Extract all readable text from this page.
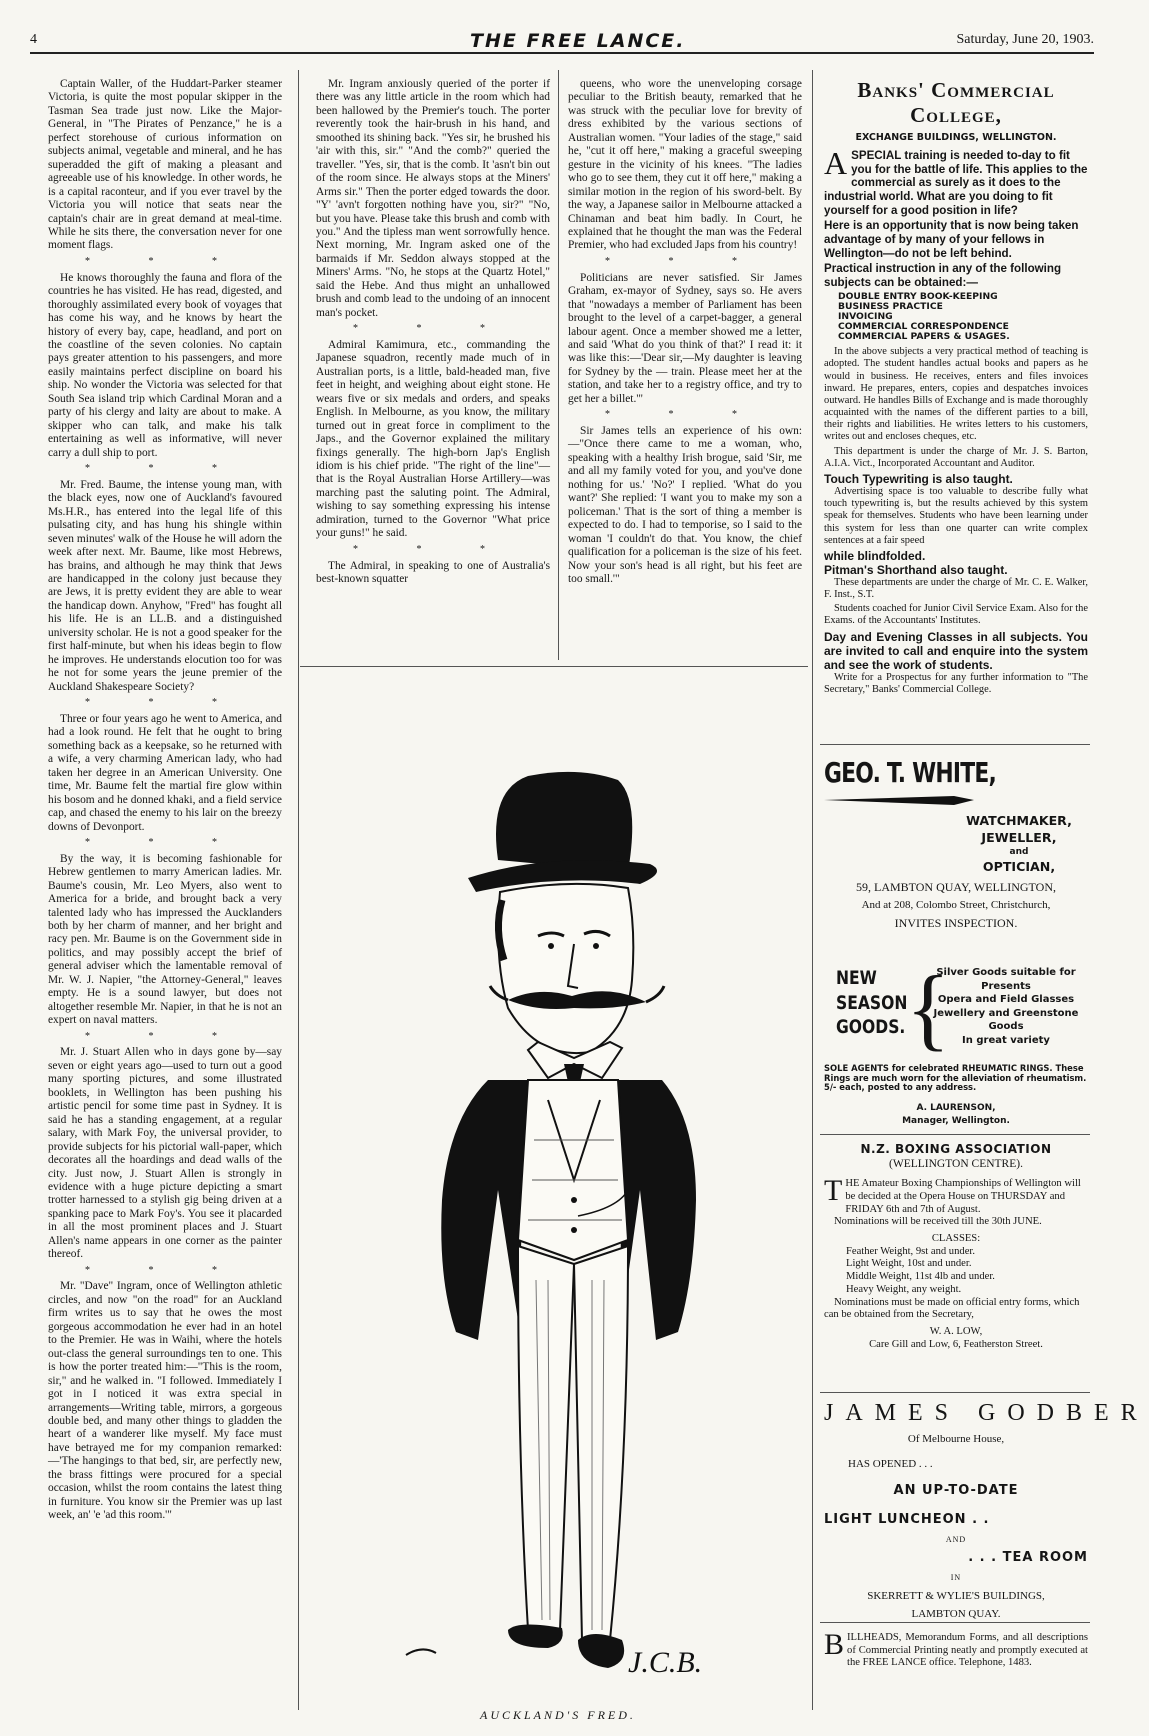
4	THE FREE LANCE.	Saturday, June 20, 1903.

Captain Waller, of the Huddart-Parker steamer Victoria, is quite the most popular skipper in the Tasman Sea trade just now. Like the Major-General, in "The Pirates of Penzance," he is a perfect storehouse of curious information on subjects animal, vegetable and mineral, and he has superadded the gift of making a pleasant and agreeable use of his knowledge. In other words, he is a capital raconteur, and if you ever travel by the Victoria you will notice that seats near the captain's chair are in great demand at meal-time. While he sits there, the conversation never for one moment flags.

* * *

He knows thoroughly the fauna and flora of the countries he has visited. He has read, digested, and thoroughly assimilated every book of voyages that has come his way, and he knows by heart the history of every bay, cape, headland, and port on the coastline of the seven colonies. No captain pays greater attention to his passengers, and more easily maintains perfect discipline on board his ship. No wonder the Victoria was selected for that South Sea island trip which Cardinal Moran and a party of his clergy and laity are about to make. A skipper who can talk, and make his talk entertaining as well as informative, will never carry a dull ship to port.

* * *

Mr. Fred. Baume, the intense young man, with the black eyes, now one of Auckland's favoured Ms.H.R., has entered into the legal life of this pulsating city, and has hung his shingle within seven minutes' walk of the House he will adorn the week after next. Mr. Baume, like most Hebrews, has brains, and although he may think that Jews are handicapped in the colony just because they are Jews, it is pretty evident they are able to wear the handicap down. Anyhow, "Fred" has fought all his life. He is an LL.B. and a distinguished university scholar. He is not a good speaker for the first half-minute, but when his ideas begin to flow he improves. He understands elocution too for was he not for some years the jeune premier of the Auckland Shakespeare Society?

* * *

Three or four years ago he went to America, and had a look round. He felt that he ought to bring something back as a keepsake, so he returned with a wife, a very charming American lady, who had taken her degree in an American University. One time, Mr. Baume felt the martial fire glow within his bosom and he donned khaki, and a field service cap, and chased the enemy to his lair on the breezy downs of Devonport.

* * *

By the way, it is becoming fashionable for Hebrew gentlemen to marry American ladies. Mr. Baume's cousin, Mr. Leo Myers, also went to America for a bride, and brought back a very talented lady who has impressed the Aucklanders both by her charm of manner, and her bright and racy pen. Mr. Baume is on the Government side in politics, and may possibly accept the brief of general adviser which the lamentable removal of Mr. W. J. Napier, "the Attorney-General," leaves empty. He is a sound lawyer, but does not altogether resemble Mr. Napier, in that he is not an expert on naval matters.

* * *

Mr. J. Stuart Allen who in days gone by—say seven or eight years ago—used to turn out a good many sporting pictures, and some illustrated booklets, in Wellington has been pushing his artistic pencil for some time past in Sydney. It is said he has a standing engagement, at a regular salary, with Mark Foy, the universal provider, to provide subjects for his pictorial wall-paper, which decorates all the hoardings and dead walls of the city. Just now, J. Stuart Allen is strongly in evidence with a huge picture depicting a smart trotter harnessed to a stylish gig being driven at a spanking pace to Mark Foy's. You see it placarded in all the most prominent places and J. Stuart Allen's name appears in one corner as the painter thereof.

* * *

Mr. "Dave" Ingram, once of Wellington athletic circles, and now "on the road" for an Auckland firm writes us to say that he owes the most gorgeous accommodation he ever had in an hotel to the Premier. He was in Waihi, where the hotels out-class the general surroundings ten to one. This is how the porter treated him:—"This is the room, sir," and he walked in. "I followed. Immediately I got in I noticed it was extra special in arrangements—Writing table, mirrors, a gorgeous double bed, and many other things to gladden the heart of a wanderer like myself. My face must have betrayed me for my companion remarked:—'The hangings to that bed, sir, are perfectly new, the brass fittings were procured for a special occasion, whilst the room contains the latest thing in furniture. You know sir the Premier was up last week, an' 'e 'ad this room.'"

Mr. Ingram anxiously queried of the porter if there was any little article in the room which had been hallowed by the Premier's touch. The porter reverently took the hair-brush in his hand, and smoothed its shining back. "Yes sir, he brushed his 'air with this, sir." "And the comb?" queried the traveller. "Yes, sir, that is the comb. It 'asn't bin out of the room since. He always stops at the Miners' Arms sir." Then the porter edged towards the door. "Y' 'avn't forgotten nothing have you, sir?" "No, but you have. Please take this brush and comb with you." And the tipless man went sorrowfully hence. Next morning, Mr. Ingram asked one of the barmaids if Mr. Seddon always stopped at the Miners' Arms. "No, he stops at the Quartz Hotel," said the Hebe. And thus might an unhallowed brush and comb lead to the undoing of an innocent man's pocket.

* * *

Admiral Kamimura, etc., commanding the Japanese squadron, recently made much of in Australian ports, is a little, bald-headed man, five feet in height, and weighing about eight stone. He wears five or six medals and orders, and speaks English. In Melbourne, as you know, the military turned out in great force in compliment to the Japs., and the Governor explained the military fixings generally. The high-born Jap's English idiom is his chief pride. "The right of the line"—that is the Royal Australian Horse Artillery—was marching past the saluting point. The Admiral, wishing to say something expressing his intense admiration, turned to the Governor "What price your guns!" he said.

* * *

The Admiral, in speaking to one of Australia's best-known squatter

queens, who wore the unenveloping corsage peculiar to the British beauty, remarked that he was struck with the peculiar love for brevity of dress exhibited by the various sections of Australian women. "Your ladies of the stage," said he, "cut it off here," making a graceful sweeping gesture in the vicinity of his knees. "The ladies who go to see them, they cut it off here," making a similar motion in the region of his sword-belt. By the way, a Japanese sailor in Melbourne attacked a Chinaman and beat him badly. In Court, he explained that he thought the man was the Federal Premier, who had excluded Japs from his country!

* * *

Politicians are never satisfied. Sir James Graham, ex-mayor of Sydney, says so. He avers that "nowadays a member of Parliament has been brought to the level of a carpet-bagger, a general labour agent. Once a member showed me a letter, and said 'What do you think of that?' I read it: it was like this:—'Dear sir,—My daughter is leaving for Sydney by the — train. Please meet her at the station, and take her to a registry office, and try to get her a billet.'"

* * *

Sir James tells an experience of his own:—"Once there came to me a woman, who, speaking with a healthy Irish brogue, said 'Sir, me and all my family voted for you, and you've done nothing for us.' 'No?' I replied. 'What do you want?' She replied: 'I want you to make my son a policeman.' That is the sort of thing a member is expected to do. I had to temporise, so I said to the woman 'I couldn't do that. You know, the chief qualification for a policeman is the size of his feet. Now your son's head is all right, but his feet are too small.'"

J.C.B.
AUCKLAND'S FRED.
Banks' Commercial College,
EXCHANGE BUILDINGS, WELLINGTON.
A SPECIAL training is needed to-day to fit you for the battle of life. This applies to the commercial as surely as it does to the industrial world. What are you doing to fit yourself for a good position in life?

Here is an opportunity that is now being taken advantage of by many of your fellows in Wellington—do not be left behind.

Practical instruction in any of the following subjects can be obtained:—

DOUBLE ENTRY BOOK-KEEPING
BUSINESS PRACTICE
INVOICING
COMMERCIAL CORRESPONDENCE
COMMERCIAL PAPERS & USAGES.

In the above subjects a very practical method of teaching is adopted. The student handles actual books and papers as he would in business. He receives, enters and files invoices inward. He prepares, enters, copies and despatches invoices outward. He handles Bills of Exchange and is made thoroughly acquainted with the names of the different parties to a bill, their rights and liabilities. He writes letters to his customers, writes out and encloses cheques, etc.

This department is under the charge of Mr. J. S. Barton, A.I.A. Vict., Incorporated Accountant and Auditor.

Touch Typewriting is also taught.

Advertising space is too valuable to describe fully what touch typewriting is, but the results achieved by this system speak for themselves. Students who have been learning under this system for less than one quarter can write complex sentences at a fair speed

while blindfolded.
Pitman's Shorthand also taught.

These departments are under the charge of Mr. C. E. Walker, F. Inst., S.T.

Students coached for Junior Civil Service Exam. Also for the Exams. of the Accountants' Institutes.

Day and Evening Classes in all subjects. You are invited to call and enquire into the system and see the work of students.

Write for a Prospectus for any further information to "The Secretary," Banks' Commercial College.

GEO. T. WHITE,
WATCHMAKER,
JEWELLER,
and
OPTICIAN,
59, LAMBTON QUAY, WELLINGTON,
And at 208, Colombo Street, Christchurch,
INVITES INSPECTION.
NEW
SEASON
GOODS. {
Silver Goods suitable for Presents
Opera and Field Glasses
Jewellery and Greenstone Goods
In great variety
SOLE AGENTS for celebrated RHEUMATIC RINGS. These Rings are much worn for the alleviation of rheumatism. 5/- each, posted to any address.
A. LAURENSON,
Manager, Wellington.
N.Z. BOXING ASSOCIATION
(WELLINGTON CENTRE).
T HE Amateur Boxing Championships of Wellington will be decided at the Opera House on THURSDAY and FRIDAY 6th and 7th of August.

Nominations will be received till the 30th JUNE.

CLASSES:
Feather Weight, 9st and under.
Light Weight, 10st and under.
Middle Weight, 11st 4lb and under.
Heavy Weight, any weight.

Nominations must be made on official entry forms, which can be obtained from the Secretary,

W. A. LOW,
Care Gill and Low, 6, Featherston Street.
JAMES GODBER
Of Melbourne House,
HAS OPENED . . .
AN UP-TO-DATE
LIGHT LUNCHEON . .
AND
. . . TEA ROOM
IN
SKERRETT & WYLIE'S BUILDINGS,
LAMBTON QUAY.
B ILLHEADS, Memorandum Forms, and all descriptions of Commercial Printing neatly and promptly executed at the FREE LANCE office. Telephone, 1483.
